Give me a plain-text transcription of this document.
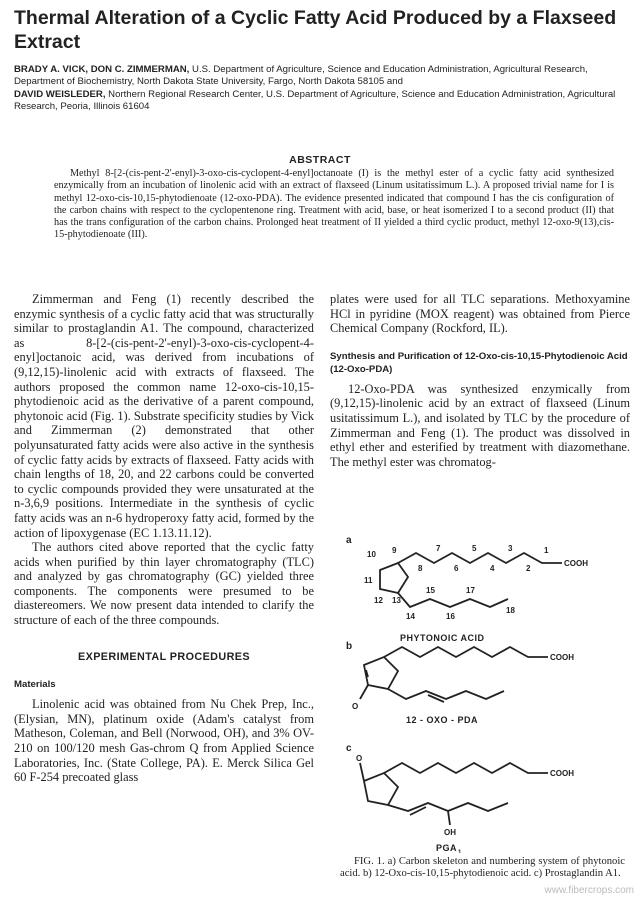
Thermal Alteration of a Cyclic Fatty Acid Produced by a Flaxseed Extract
BRADY A. VICK, DON C. ZIMMERMAN, U.S. Department of Agriculture, Science and Education Administration, Agricultural Research, Department of Biochemistry, North Dakota State University, Fargo, North Dakota 58105 and
DAVID WEISLEDER, Northern Regional Research Center, U.S. Department of Agriculture, Science and Education Administration, Agricultural Research, Peoria, Illinois 61604
ABSTRACT
Methyl 8-[2-(cis-pent-2'-enyl)-3-oxo-cis-cyclopent-4-enyl]octanoate (I) is the methyl ester of a cyclic fatty acid synthesized enzymically from an incubation of linolenic acid with an extract of flaxseed (Linum usitatissimum L.). A proposed trivial name for I is methyl 12-oxo-cis-10,15-phytodienoate (12-oxo-PDA). The evidence presented indicated that compound I has the cis configuration of the carbon chains with respect to the cyclopentenone ring. Treatment with acid, base, or heat isomerized I to a second product (II) that has the trans configuration of the carbon chains. Prolonged heat treatment of II yielded a third cyclic product, methyl 12-oxo-9(13),cis-15-phytodienoate (III).

Zimmerman and Feng (1) recently described the enzymic synthesis of a cyclic fatty acid that was structurally similar to prostaglandin A1. The compound, characterized as 8-[2-(cis-pent-2'-enyl)-3-oxo-cis-cyclopent-4-enyl]octanoic acid, was derived from incubations of (9,12,15)-linolenic acid with extracts of flaxseed. The authors proposed the common name 12-oxo-cis-10,15-phytodienoic acid as the derivative of a parent compound, phytonoic acid (Fig. 1). Substrate specificity studies by Vick and Zimmerman (2) demonstrated that other polyunsaturated fatty acids were also active in the synthesis of cyclic fatty acids by extracts of flaxseed. Fatty acids with chain lengths of 18, 20, and 22 carbons could be converted to cyclic compounds provided they were unsaturated at the n-3,6,9 positions. Intermediate in the synthesis of cyclic fatty acids was an n-6 hydroperoxy fatty acid, formed by the action of lipoxygenase (EC 1.13.11.12).

The authors cited above reported that the cyclic fatty acids when purified by thin layer chromatography (TLC) and analyzed by gas chromatography (GC) yielded three components. The components were presumed to be diastereomers. We now present data intended to clarify the structure of each of the three compounds.

EXPERIMENTAL PROCEDURES
Materials

Linolenic acid was obtained from Nu Chek Prep, Inc., (Elysian, MN), platinum oxide (Adam's catalyst from Matheson, Coleman, and Bell (Norwood, OH), and 3% OV-210 on 100/120 mesh Gas-chrom Q from Applied Science Laboratories, Inc. (State College, PA). E. Merck Silica Gel 60 F-254 precoated glass

plates were used for all TLC separations. Methoxyamine HCl in pyridine (MOX reagent) was obtained from Pierce Chemical Company (Rockford, IL).

Synthesis and Purification of 12-Oxo-cis-10,15-Phytodienoic Acid (12-Oxo-PDA)

12-Oxo-PDA was synthesized enzymically from (9,12,15)-linolenic acid by an extract of flaxseed (Linum usitatissimum L.), and isolated by TLC by the procedure of Zimmerman and Feng (1). The product was dissolved in ethyl ether and esterified by treatment with diazomethane. The methyl ester was chromatog-

a
10 9
11
12 13
8
7
6
5
4
3
2
1
COOH
14
15
16
17
18
PHYTONOIC ACID
b
COOH
O
12 - OXO - PDA
c
O
COOH
OH
PGA 1
FIG. 1. a) Carbon skeleton and numbering system of phytonoic acid. b) 12-Oxo-cis-10,15-phytodienoic acid. c) Prostaglandin A1.
www.fibercrops.com
